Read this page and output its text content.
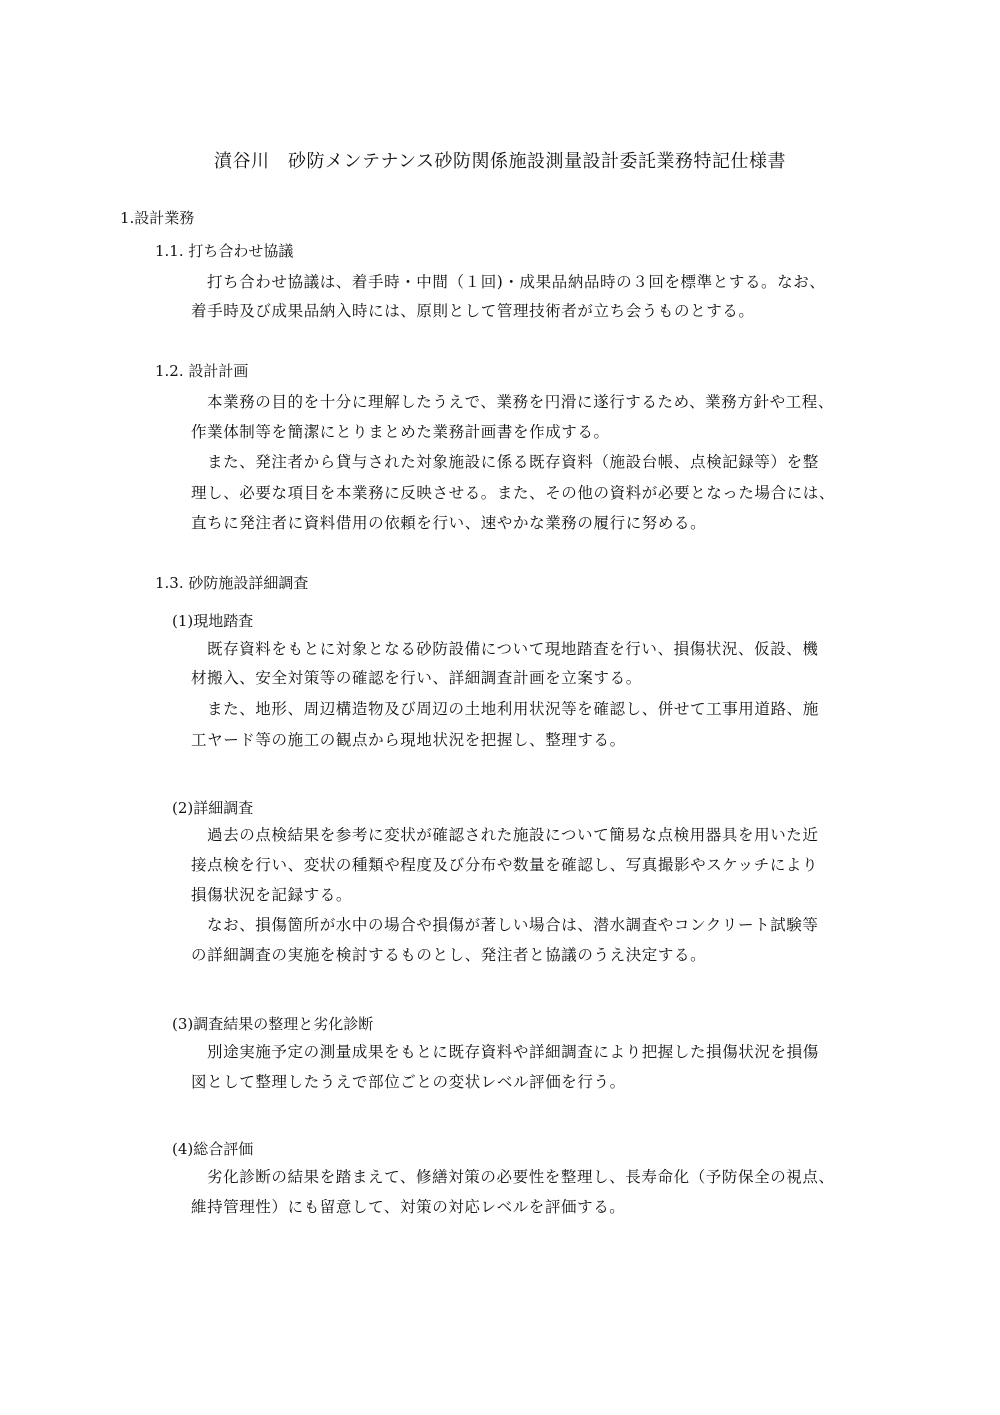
濆谷川　砂防メンテナンス砂防関係施設測量設計委託業務特記仕様書
1.設計業務
1.1. 打ち合わせ協議
打ち合わせ協議は、着手時・中間（１回)・成果品納品時の３回を標準とする。なお、
着手時及び成果品納入時には、原則として管理技術者が立ち会うものとする。
1.2. 設計計画
本業務の目的を十分に理解したうえで、業務を円滑に遂行するため、業務方針や工程、
作業体制等を簡潔にとりまとめた業務計画書を作成する。
また、発注者から貸与された対象施設に係る既存資料（施設台帳、点検記録等）を整
理し、必要な項目を本業務に反映させる。また、その他の資料が必要となった場合には、
直ちに発注者に資料借用の依頼を行い、速やかな業務の履行に努める。
1.3. 砂防施設詳細調査
(1)現地踏査
既存資料をもとに対象となる砂防設備について現地踏査を行い、損傷状況、仮設、機
材搬入、安全対策等の確認を行い、詳細調査計画を立案する。
また、地形、周辺構造物及び周辺の土地利用状況等を確認し、併せて工事用道路、施
工ヤード等の施工の観点から現地状況を把握し、整理する。
(2)詳細調査
過去の点検結果を参考に変状が確認された施設について簡易な点検用器具を用いた近
接点検を行い、変状の種類や程度及び分布や数量を確認し、写真撮影やスケッチにより
損傷状況を記録する。
なお、損傷箇所が水中の場合や損傷が著しい場合は、潜水調査やコンクリート試験等
の詳細調査の実施を検討するものとし、発注者と協議のうえ決定する。
(3)調査結果の整理と劣化診断
別途実施予定の測量成果をもとに既存資料や詳細調査により把握した損傷状況を損傷
図として整理したうえで部位ごとの変状レベル評価を行う。
(4)総合評価
劣化診断の結果を踏まえて、修繕対策の必要性を整理し、長寿命化（予防保全の視点、
維持管理性）にも留意して、対策の対応レベルを評価する。
